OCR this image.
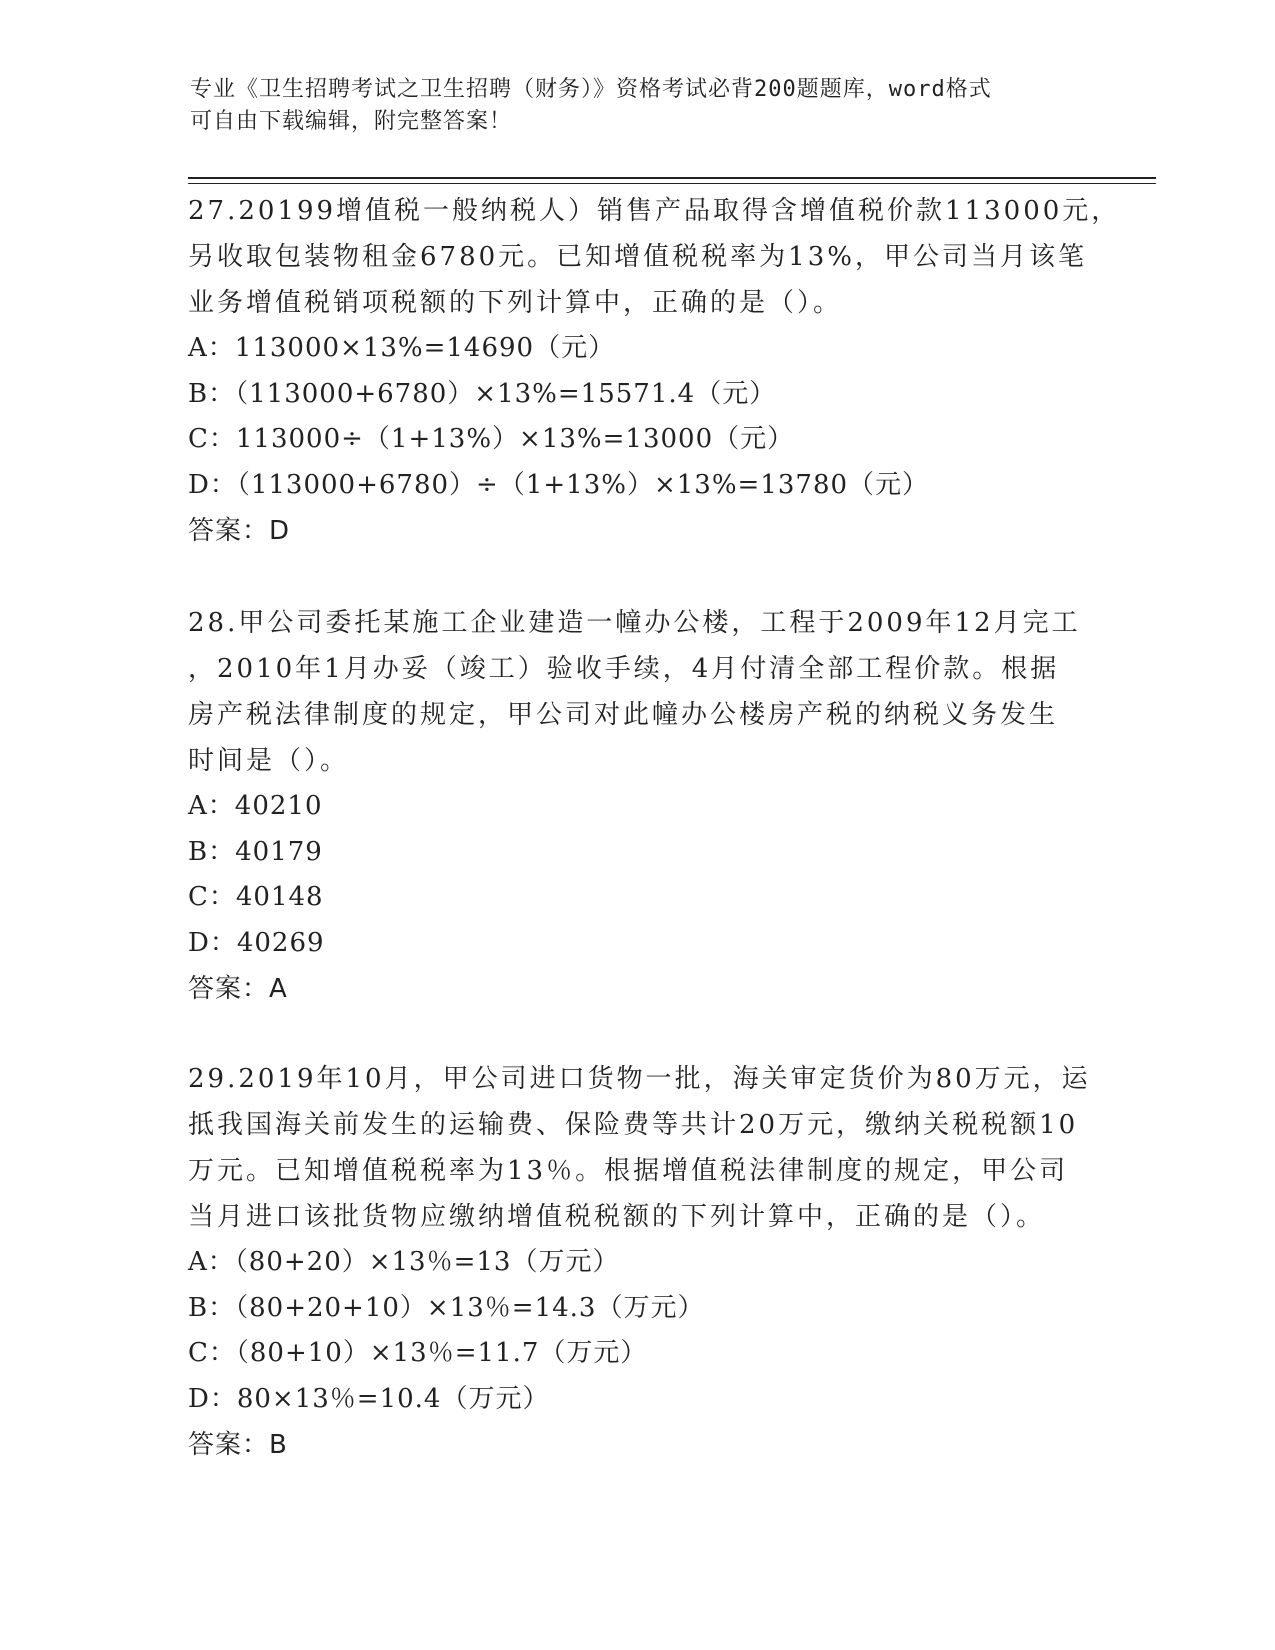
专业《卫生招聘考试之卫生招聘（财务）》资格考试必背200题题库，word格式
可自由下载编辑，附完整答案！
27.20199增值税一般纳税人）销售产品取得含增值税价款113000元，
另收取包装物租金6780元。已知增值税税率为13%，甲公司当月该笔
业务增值税销项税额的下列计算中，正确的是（）。
A：113000×13%=14690（元）
B：（113000+6780）×13%=15571.4（元）
C：113000÷（1+13%）×13%=13000（元）
D：（113000+6780）÷（1+13%）×13%=13780（元）
答案：D
28.甲公司委托某施工企业建造一幢办公楼，工程于2009年12月完工
，2010年1月办妥（竣工）验收手续，4月付清全部工程价款。根据
房产税法律制度的规定，甲公司对此幢办公楼房产税的纳税义务发生
时间是（）。
A：40210
B：40179
C：40148
D：40269
答案：A
29.2019年10月，甲公司进口货物一批，海关审定货价为80万元，运
抵我国海关前发生的运输费、保险费等共计20万元，缴纳关税税额10
万元。已知增值税税率为13％。根据增值税法律制度的规定，甲公司
当月进口该批货物应缴纳增值税税额的下列计算中，正确的是（）。
A：（80+20）×13％=13（万元）
B：（80+20+10）×13％=14.3（万元）
C：（80+10）×13％=11.7（万元）
D：80×13％=10.4（万元）
答案：B
